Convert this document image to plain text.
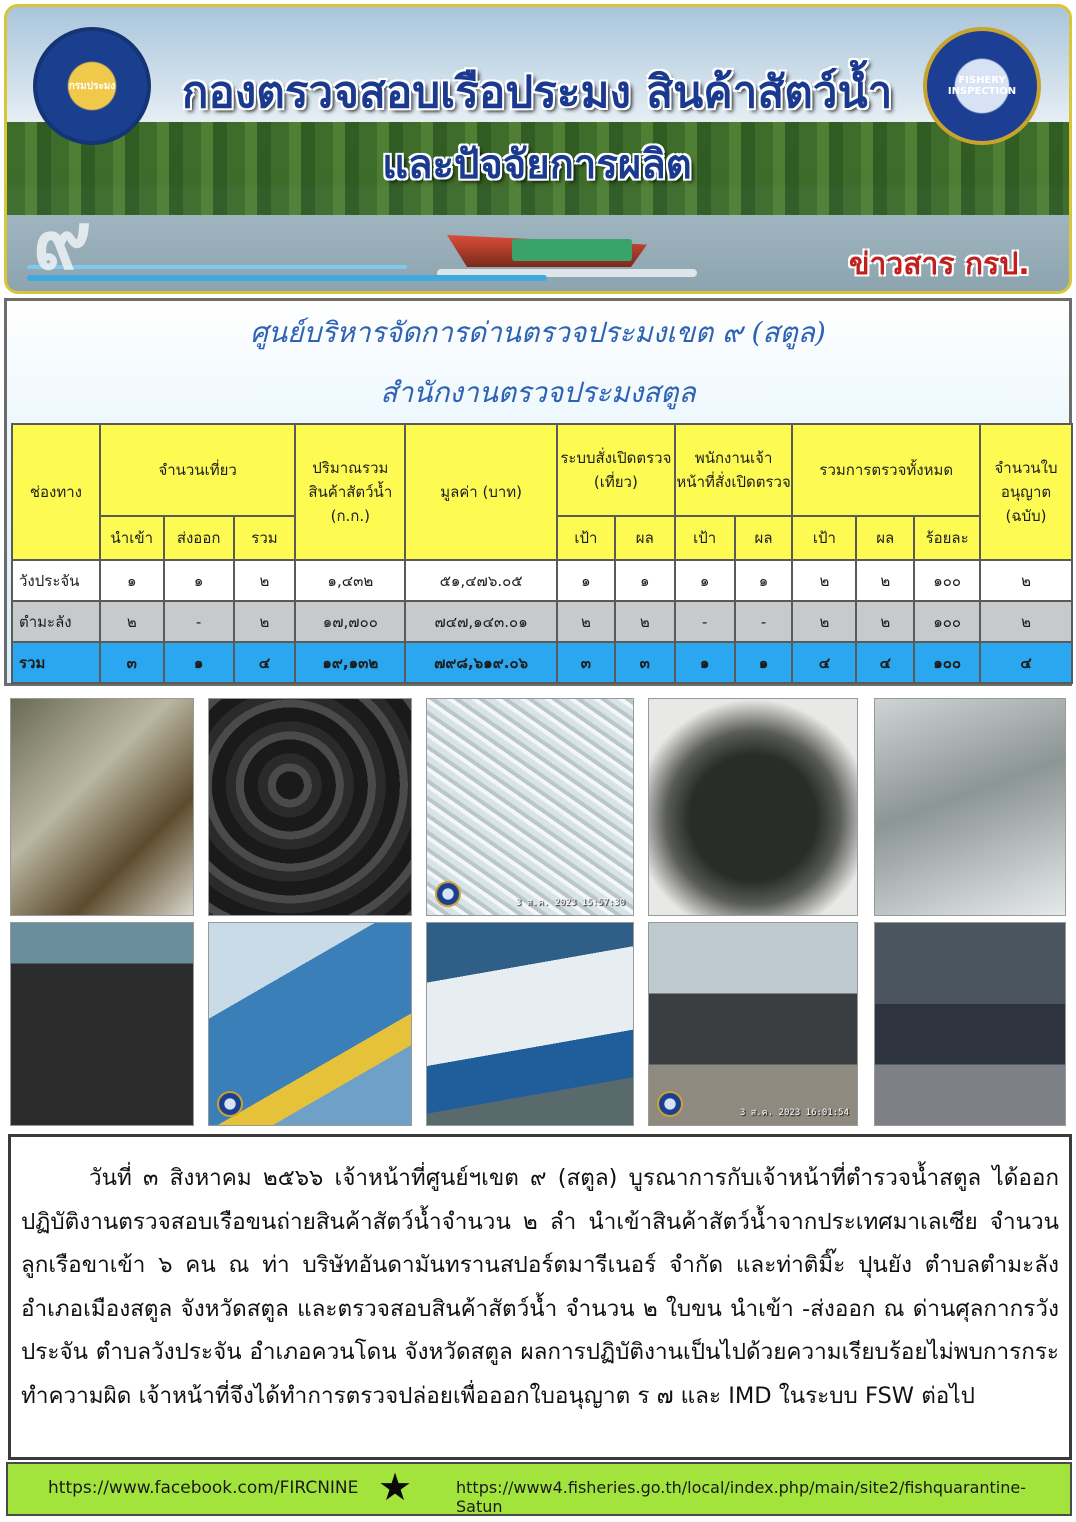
กรมประมง	FISHERY INSPECTION
กองตรวจสอบเรือประมง สินค้าสัตว์น้ำ
และปัจจัยการผลิต
๙	ข่าวสาร กรป.
ศูนย์บริหารจัดการด่านตรวจประมงเขต ๙ (สตูล)
สำนักงานตรวจประมงสตูล
ช่องทาง	จำนวนเที่ยว			ปริมาณรวม สินค้าสัตว์น้ำ (ก.ก.)	มูลค่า (บาท)	ระบบสั่งเปิดตรวจ (เที่ยว)		พนักงานเจ้าหน้าที่สั่งเปิดตรวจ		รวมการตรวจทั้งหมด			จำนวนใบอนุญาต (ฉบับ)
	นำเข้า	ส่งออก	รวม			เป้า	ผล	เป้า	ผล	เป้า	ผล	ร้อยละ	
วังประจัน	๑	๑	๒	๑,๔๓๒	๕๑,๔๗๖.๐๕	๑	๑	๑	๑	๒	๒	๑๐๐	๒
ตำมะลัง	๒	-	๒	๑๗,๗๐๐	๗๔๗,๑๔๓.๐๑	๒	๒	-	-	๒	๒	๑๐๐	๒
รวม	๓	๑	๔	๑๙,๑๓๒	๗๙๘,๖๑๙.๐๖	๓	๓	๑	๑	๔	๔	๑๐๐	๔
3 ส.ค. 2023 15:57:30
3 ส.ค. 2023 16:01:54

วันที่ ๓ สิงหาคม ๒๕๖๖ เจ้าหน้าที่ศูนย์ฯเขต ๙ (สตูล) บูรณาการกับเจ้าหน้าที่ตำรวจน้ำสตูล ได้ออกปฏิบัติงานตรวจสอบเรือขนถ่ายสินค้าสัตว์น้ำจำนวน ๒ ลำ นำเข้าสินค้าสัตว์น้ำจากประเทศมาเลเซีย จำนวนลูกเรือขาเข้า ๖ คน ณ ท่า บริษัทอันดามันทรานสปอร์ตมารีเนอร์ จำกัด และท่าติมิ๊ะ ปุนยัง ตำบลตำมะลัง อำเภอเมืองสตูล จังหวัดสตูล และตรวจสอบสินค้าสัตว์น้ำ จำนวน ๒ ใบขน นำเข้า -ส่งออก ณ ด่านศุลกากรวังประจัน ตำบลวังประจัน อำเภอควนโดน จังหวัดสตูล ผลการปฏิบัติงานเป็นไปด้วยความเรียบร้อยไม่พบการกระทำความผิด เจ้าหน้าที่จึงได้ทำการตรวจปล่อยเพื่อออกใบอนุญาต ร ๗ และ IMD ในระบบ FSW ต่อไป

https://www.facebook.com/FIRCNINE ★	https://www4.fisheries.go.th/local/index.php/main/site2/fishquarantine-Satun
